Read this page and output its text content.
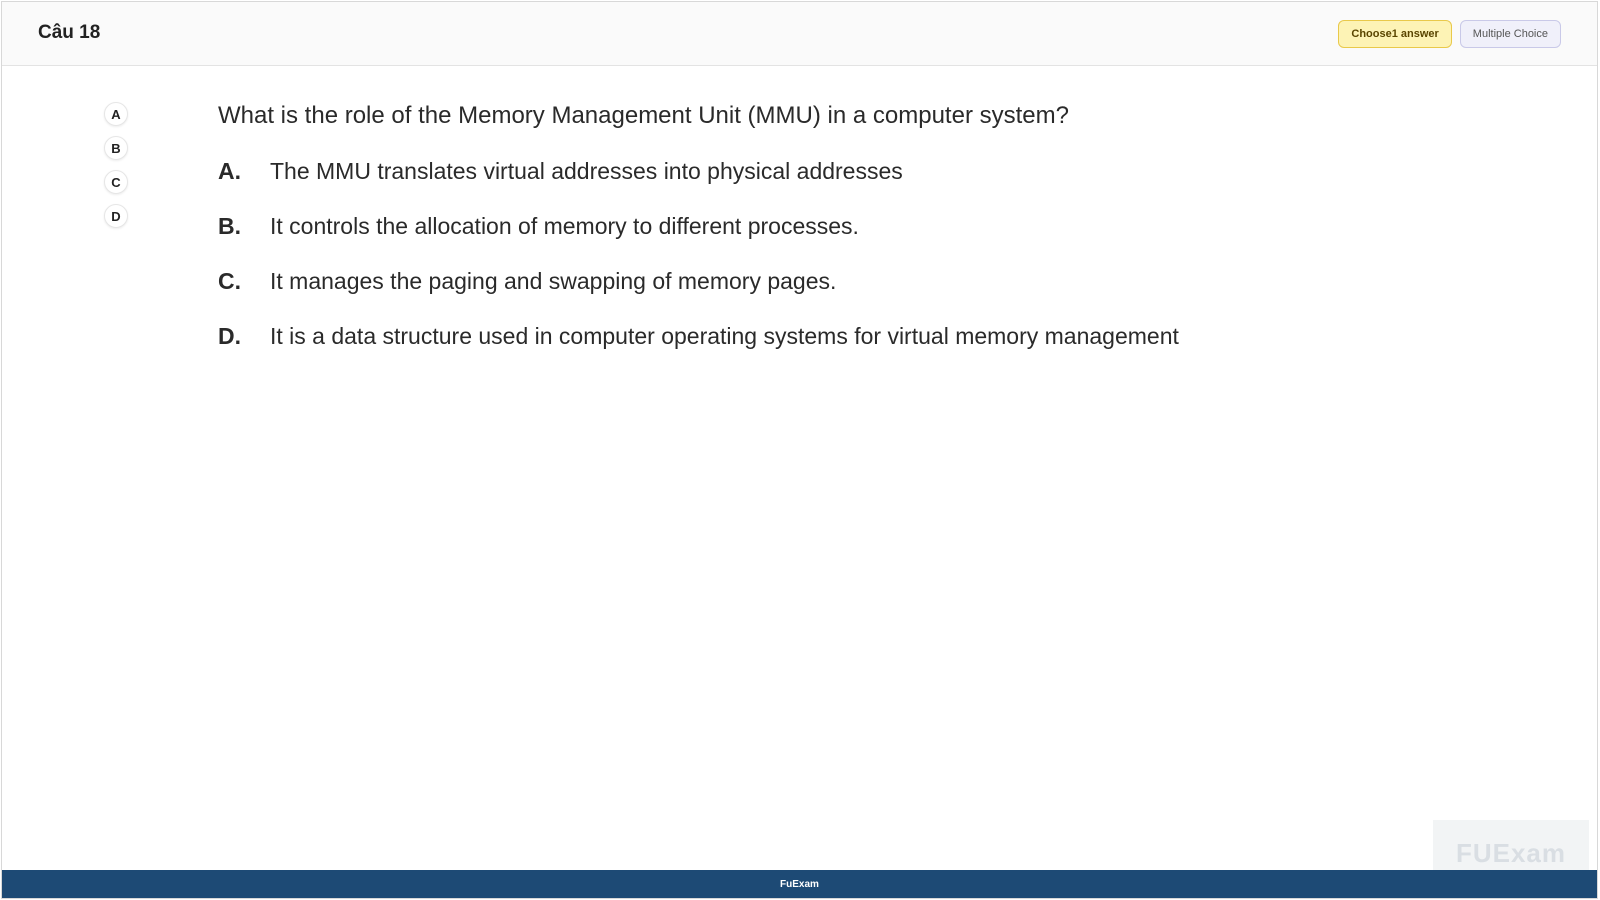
Câu 18	Choose1 answer	Multiple Choice
A
B
C
D
What is the role of the Memory Management Unit (MMU) in a computer system?
A.	The MMU translates virtual addresses into physical addresses
B.	It controls the allocation of memory to different processes.
C.	It manages the paging and swapping of memory pages.
D.	It is a data structure used in computer operating systems for virtual memory management
FUExam
FuExam
